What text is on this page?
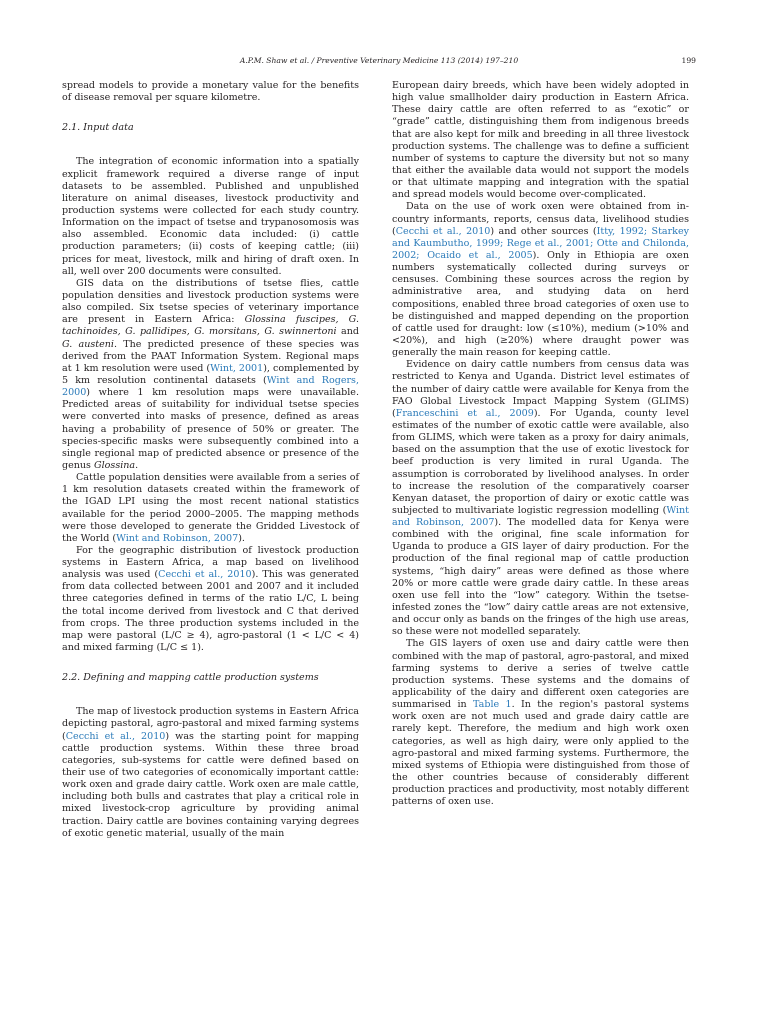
A.P.M. Shaw et al. / Preventive Veterinary Medicine 113 (2014) 197–210	199

spread models to provide a monetary value for the benefits of disease removal per square kilometre.

2.1. Input data

The integration of economic information into a spatially explicit framework required a diverse range of input datasets to be assembled. Published and unpublished literature on animal diseases, livestock productivity and production systems were collected for each study country. Information on the impact of tsetse and trypanosomosis was also assembled. Economic data included: (i) cattle production parameters; (ii) costs of keeping cattle; (iii) prices for meat, livestock, milk and hiring of draft oxen. In all, well over 200 documents were consulted.

GIS data on the distributions of tsetse flies, cattle population densities and livestock production systems were also compiled. Six tsetse species of veterinary importance are present in Eastern Africa: Glossina fuscipes, G. tachinoides, G. pallidipes, G. morsitans, G. swinnertoni and G. austeni. The predicted presence of these species was derived from the PAAT Information System. Regional maps at 1 km resolution were used (Wint, 2001), complemented by 5 km resolution continental datasets (Wint and Rogers, 2000) where 1 km resolution maps were unavailable. Predicted areas of suitability for individual tsetse species were converted into masks of presence, defined as areas having a probability of presence of 50% or greater. The species-specific masks were subsequently combined into a single regional map of predicted absence or presence of the genus Glossina.

Cattle population densities were available from a series of 1 km resolution datasets created within the framework of the IGAD LPI using the most recent national statistics available for the period 2000–2005. The mapping methods were those developed to generate the Gridded Livestock of the World (Wint and Robinson, 2007).

For the geographic distribution of livestock production systems in Eastern Africa, a map based on livelihood analysis was used (Cecchi et al., 2010). This was generated from data collected between 2001 and 2007 and it included three categories defined in terms of the ratio L/C, L being the total income derived from livestock and C that derived from crops. The three production systems included in the map were pastoral (L/C ≥ 4), agro-pastoral (1 < L/C < 4) and mixed farming (L/C ≤ 1).

2.2. Defining and mapping cattle production systems

The map of livestock production systems in Eastern Africa depicting pastoral, agro-pastoral and mixed farming systems (Cecchi et al., 2010) was the starting point for mapping cattle production systems. Within these three broad categories, sub-systems for cattle were defined based on their use of two categories of economically important cattle: work oxen and grade dairy cattle. Work oxen are male cattle, including both bulls and castrates that play a critical role in mixed livestock-crop agriculture by providing animal traction. Dairy cattle are bovines containing varying degrees of exotic genetic material, usually of the main

European dairy breeds, which have been widely adopted in high value smallholder dairy production in Eastern Africa. These dairy cattle are often referred to as “exotic” or “grade” cattle, distinguishing them from indigenous breeds that are also kept for milk and breeding in all three livestock production systems. The challenge was to define a sufficient number of systems to capture the diversity but not so many that either the available data would not support the models or that ultimate mapping and integration with the spatial and spread models would become over-complicated.

Data on the use of work oxen were obtained from in-country informants, reports, census data, livelihood studies (Cecchi et al., 2010) and other sources (Itty, 1992; Starkey and Kaumbutho, 1999; Rege et al., 2001; Otte and Chilonda, 2002; Ocaido et al., 2005). Only in Ethiopia are oxen numbers systematically collected during surveys or censuses. Combining these sources across the region by administrative area, and studying data on herd compositions, enabled three broad categories of oxen use to be distinguished and mapped depending on the proportion of cattle used for draught: low (≤10%), medium (>10% and <20%), and high (≥20%) where draught power was generally the main reason for keeping cattle.

Evidence on dairy cattle numbers from census data was restricted to Kenya and Uganda. District level estimates of the number of dairy cattle were available for Kenya from the FAO Global Livestock Impact Mapping System (GLIMS) (Franceschini et al., 2009). For Uganda, county level estimates of the number of exotic cattle were available, also from GLIMS, which were taken as a proxy for dairy animals, based on the assumption that the use of exotic livestock for beef production is very limited in rural Uganda. The assumption is corroborated by livelihood analyses. In order to increase the resolution of the comparatively coarser Kenyan dataset, the proportion of dairy or exotic cattle was subjected to multivariate logistic regression modelling (Wint and Robinson, 2007). The modelled data for Kenya were combined with the original, fine scale information for Uganda to produce a GIS layer of dairy production. For the production of the final regional map of cattle production systems, “high dairy” areas were defined as those where 20% or more cattle were grade dairy cattle. In these areas oxen use fell into the “low” category. Within the tsetse-infested zones the “low” dairy cattle areas are not extensive, and occur only as bands on the fringes of the high use areas, so these were not modelled separately.

The GIS layers of oxen use and dairy cattle were then combined with the map of pastoral, agro-pastoral, and mixed farming systems to derive a series of twelve cattle production systems. These systems and the domains of applicability of the dairy and different oxen categories are summarised in Table 1. In the region's pastoral systems work oxen are not much used and grade dairy cattle are rarely kept. Therefore, the medium and high work oxen categories, as well as high dairy, were only applied to the agro-pastoral and mixed farming systems. Furthermore, the mixed systems of Ethiopia were distinguished from those of the other countries because of considerably different production practices and productivity, most notably different patterns of oxen use.
